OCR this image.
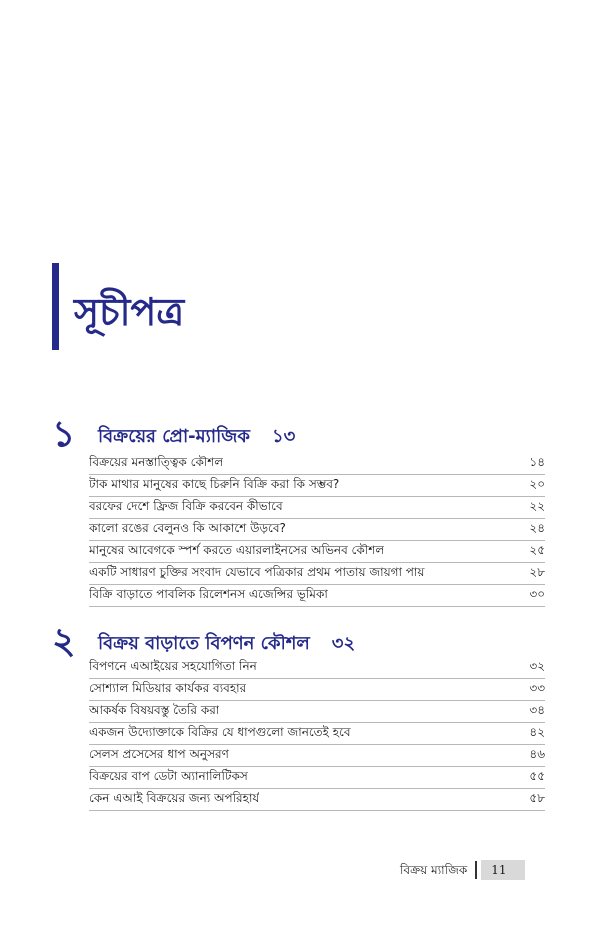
সূচীপত্র
১	বিক্রয়ের প্রো-ম্যাজিক ১৩
বিক্রয়ের মনস্তাত্ত্বিক কৌশল	১৪
টাক মাথার মানুষের কাছে চিরুনি বিক্রি করা কি সম্ভব?	২০
বরফের দেশে ফ্রিজ বিক্রি করবেন কীভাবে	২২
কালো রঙের বেলুনও কি আকাশে উড়বে?	২৪
মানুষের আবেগকে স্পর্শ করতে এয়ারলাইনসের অভিনব কৌশল	২৫
একটি সাধারণ চুক্তির সংবাদ যেভাবে পত্রিকার প্রথম পাতায় জায়গা পায়	২৮
বিক্রি বাড়াতে পাবলিক রিলেশনস এজেন্সির ভূমিকা	৩০
২	বিক্রয় বাড়াতে বিপণন কৌশল ৩২
বিপণনে এআইয়ের সহযোগিতা নিন	৩২
সোশ্যাল মিডিয়ার কার্যকর ব্যবহার	৩৩
আকর্ষক বিষয়বস্তু তৈরি করা	৩৪
একজন উদ্যোক্তাকে বিক্রির যে ধাপগুলো জানতেই হবে	৪২
সেলস প্রসেসের ধাপ অনুসরণ	৪৬
বিক্রয়ের বাপ ডেটা অ্যানালিটিকস	৫৫
কেন এআই বিক্রয়ের জন্য অপরিহার্য	৫৮
বিক্রয় ম্যাজিক	11
